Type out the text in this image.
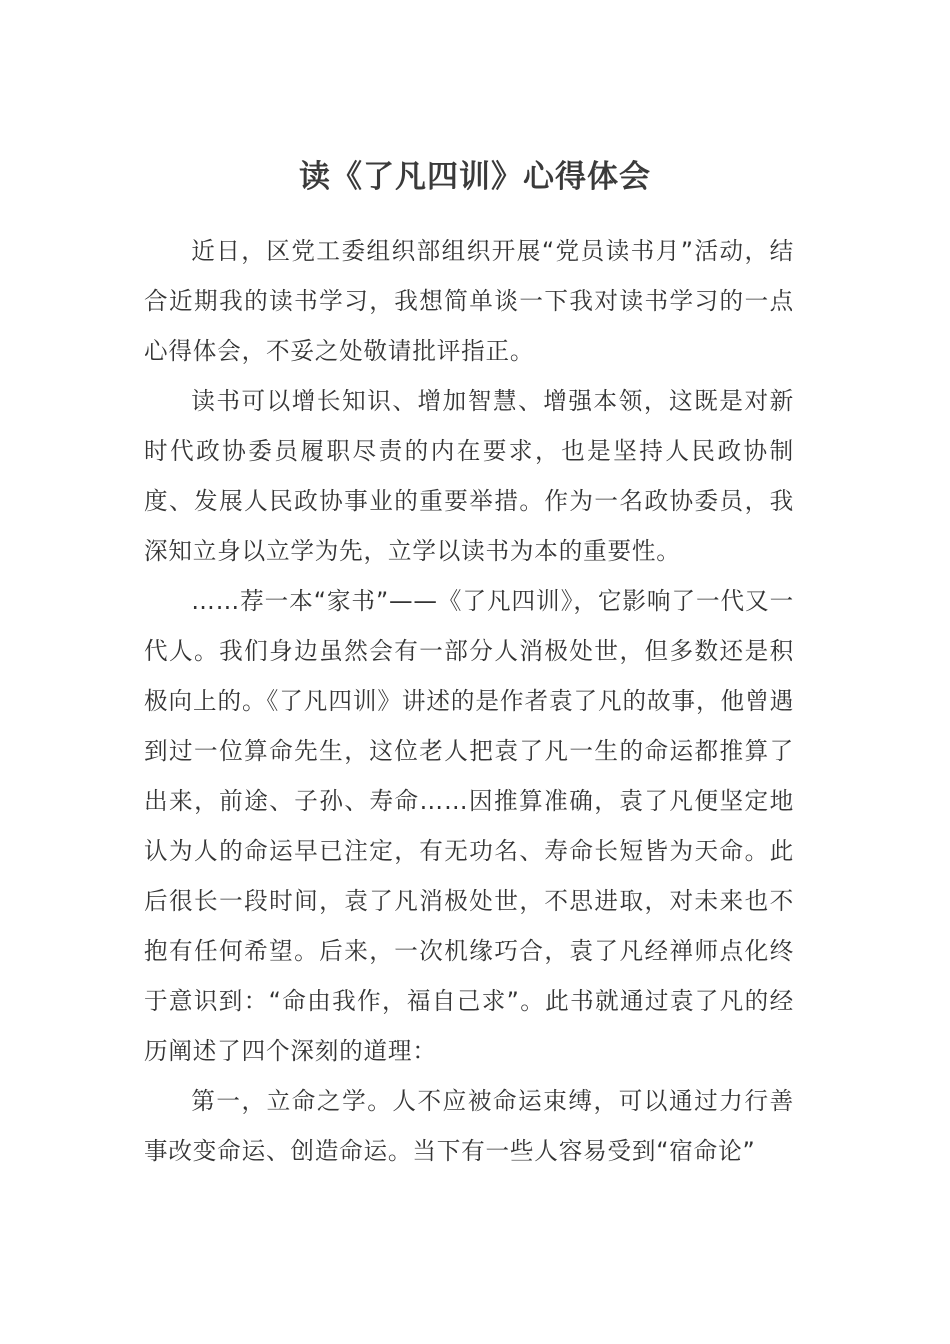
读《了凡四训》心得体会

近日，区党工委组织部组织开展“党员读书月”活动，结合近期我的读书学习，我想简单谈一下我对读书学习的一点心得体会，不妥之处敬请批评指正。

读书可以增长知识、增加智慧、增强本领，这既是对新时代政协委员履职尽责的内在要求，也是坚持人民政协制度、发展人民政协事业的重要举措。作为一名政协委员，我深知立身以立学为先，立学以读书为本的重要性。

……荐一本“家书”——《了凡四训》，它影响了一代又一代人。我们身边虽然会有一部分人消极处世，但多数还是积极向上的。《了凡四训》讲述的是作者袁了凡的故事，他曾遇到过一位算命先生，这位老人把袁了凡一生的命运都推算了出来，前途、子孙、寿命……因推算准确，袁了凡便坚定地认为人的命运早已注定，有无功名、寿命长短皆为天命。此后很长一段时间，袁了凡消极处世，不思进取，对未来也不抱有任何希望。后来，一次机缘巧合，袁了凡经禅师点化终于意识到：“命由我作，福自己求”。此书就通过袁了凡的经历阐述了四个深刻的道理：

第一，立命之学。人不应被命运束缚，可以通过力行善事改变命运、创造命运。当下有一些人容易受到“宿命论”
